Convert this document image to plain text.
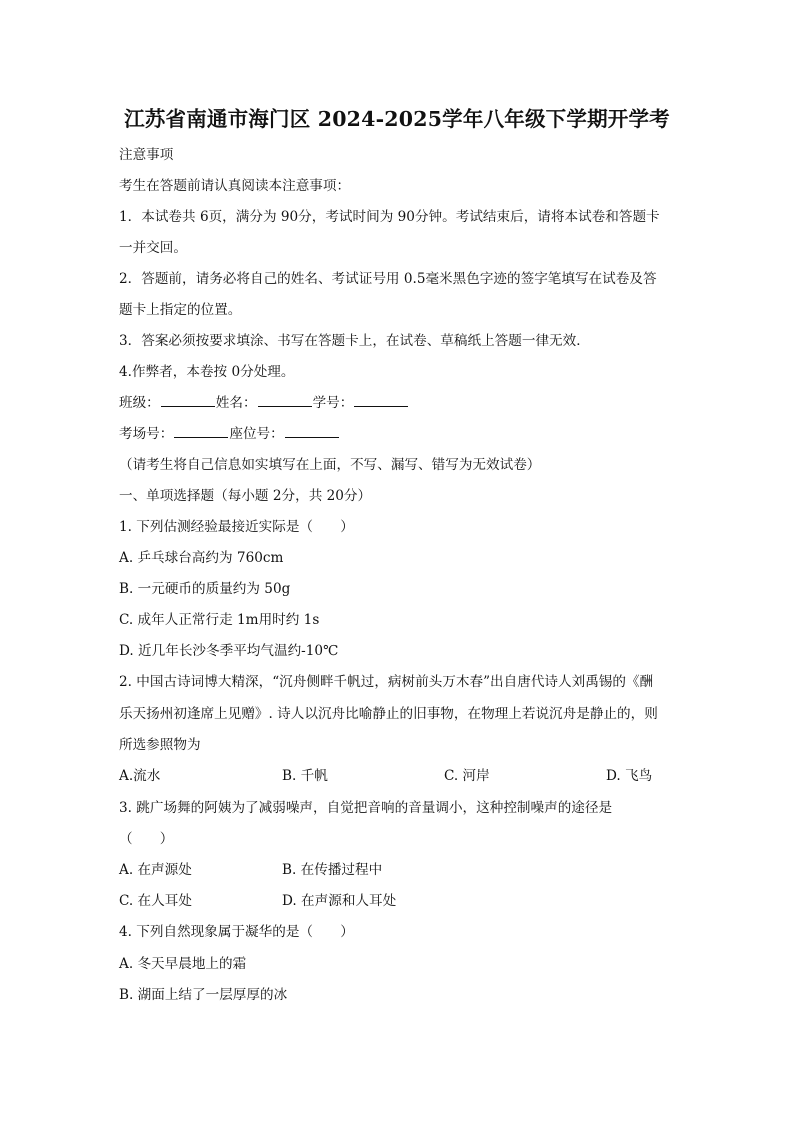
江苏省南通市海门区 2024-2025学年八年级下学期开学考
注意事项
考生在答题前请认真阅读本注意事项：
1．本试卷共 6页，满分为 90分，考试时间为 90分钟。考试结束后，请将本试卷和答题卡
一并交回。
2．答题前，请务必将自己的姓名、考试证号用 0.5毫米黑色字迹的签字笔填写在试卷及答
题卡上指定的位置。
3．答案必须按要求填涂、书写在答题卡上，在试卷、草稿纸上答题一律无效．
4.作弊者，本卷按 0分处理。
班级：	姓名：	学号：
考场号：	座位号：
（请考生将自己信息如实填写在上面，不写、漏写、错写为无效试卷）
一、单项选择题（每小题 2分，共 20分）
1. 下列估测经验最接近实际是（　　）
A. 乒乓球台高约为 760cm
B. 一元硬币的质量约为 50g
C. 成年人正常行走 1m用时约 1s
D. 近几年长沙冬季平均气温约-10℃
2. 中国古诗词博大精深，“沉舟侧畔千帆过，病树前头万木春”出自唐代诗人刘禹锡的《酬
乐天扬州初逢席上见赠》. 诗人以沉舟比喻静止的旧事物，在物理上若说沉舟是静止的，则
所选参照物为
A.流水	B. 千帆	C. 河岸	D. 飞鸟
3. 跳广场舞的阿姨为了减弱噪声，自觉把音响的音量调小，这种控制噪声的途径是
（　　）
A. 在声源处	B. 在传播过程中
C. 在人耳处	D. 在声源和人耳处
4. 下列自然现象属于凝华的是（　　）
A. 冬天早晨地上的霜
B. 湖面上结了一层厚厚的冰
